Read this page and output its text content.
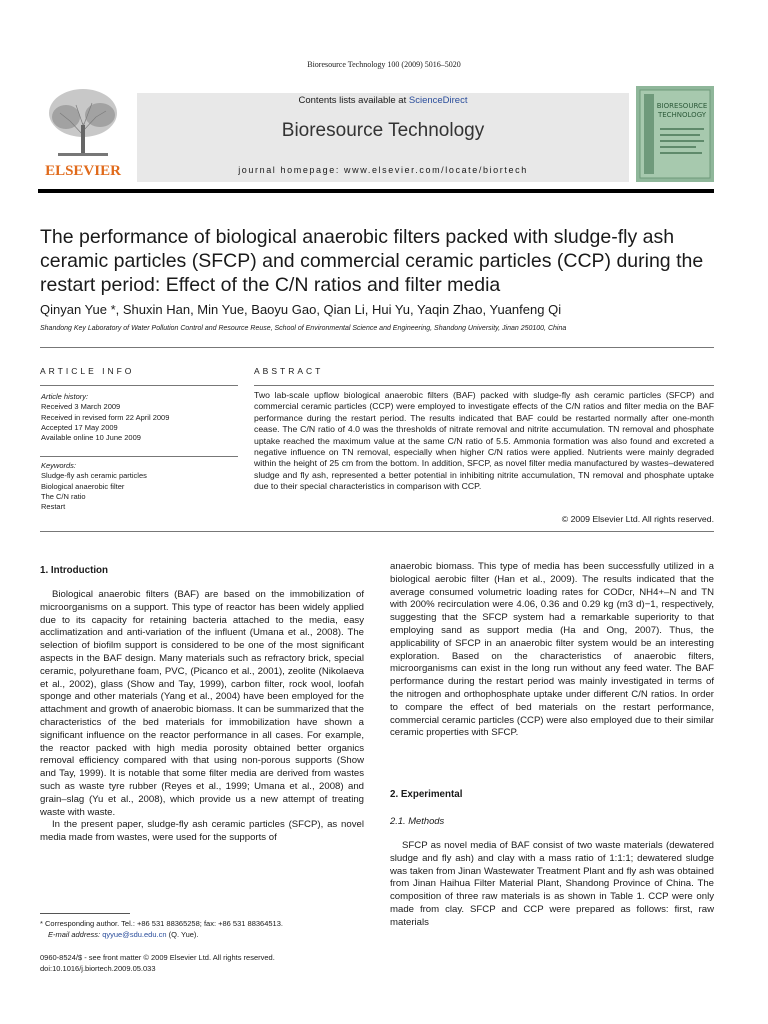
Bioresource Technology 100 (2009) 5016–5020
ELSEVIER
Contents lists available at ScienceDirect
Bioresource Technology
journal homepage: www.elsevier.com/locate/biortech
BIORESOURCE
TECHNOLOGY
The performance of biological anaerobic filters packed with sludge-fly ash ceramic particles (SFCP) and commercial ceramic particles (CCP) during the restart period: Effect of the C/N ratios and filter media
Qinyan Yue *, Shuxin Han, Min Yue, Baoyu Gao, Qian Li, Hui Yu, Yaqin Zhao, Yuanfeng Qi
Shandong Key Laboratory of Water Pollution Control and Resource Reuse, School of Environmental Science and Engineering, Shandong University, Jinan 250100, China
ARTICLE INFO	ABSTRACT
Article history:
Received 3 March 2009
Received in revised form 22 April 2009
Accepted 17 May 2009
Available online 10 June 2009
Keywords:
Sludge-fly ash ceramic particles
Biological anaerobic filter
The C/N ratio
Restart
Two lab-scale upflow biological anaerobic filters (BAF) packed with sludge-fly ash ceramic particles (SFCP) and commercial ceramic particles (CCP) were employed to investigate effects of the C/N ratios and filter media on the BAF performance during the restart period. The results indicated that BAF could be restarted normally after one-month cease. The C/N ratio of 4.0 was the thresholds of nitrate removal and nitrite accumulation. TN removal and phosphate uptake reached the maximum value at the same C/N ratio of 5.5. Ammonia formation was also found and excreted a negative influence on TN removal, especially when higher C/N ratios were applied. Nutrients were mainly degraded within the height of 25 cm from the bottom. In addition, SFCP, as novel filter media manufactured by wastes–dewatered sludge and fly ash, represented a better potential in inhibiting nitrite accumulation, TN removal and phosphate uptake due to their special characteristics in comparison with CCP.
© 2009 Elsevier Ltd. All rights reserved.
1. Introduction

Biological anaerobic filters (BAF) are based on the immobilization of microorganisms on a support. This type of reactor has been widely applied due to its capacity for retaining bacteria attached to the media, easy acclimatization and anti-variation of the influent (Umana et al., 2008). The selection of biofilm support is considered to be one of the most significant aspects in the BAF design. Many materials such as refractory brick, special ceramic, polyurethane foam, PVC, (Picanco et al., 2001), zeolite (Nikolaeva et al., 2002), glass (Show and Tay, 1999), carbon filter, rock wool, loofah sponge and other materials (Yang et al., 2004) have been employed for the attachment and growth of anaerobic biomass. It can be summarized that the characteristics of the bed materials for immobilization have shown a significant influence on the reactor performance in all cases. For example, the reactor packed with high media porosity obtained better organics removal efficiency compared with that using non-porous supports (Show and Tay, 1999). It is notable that some filter media are derived from wastes such as waste tyre rubber (Reyes et al., 1999; Umana et al., 2008) and grain–slag (Yu et al., 2008), which provide us a new attempt of treating waste with waste.

In the present paper, sludge-fly ash ceramic particles (SFCP), as novel media made from wastes, were used for the supports of

anaerobic biomass. This type of media has been successfully utilized in a biological aerobic filter (Han et al., 2009). The results indicated that the average consumed volumetric loading rates for CODcr, NH4+–N and TN with 200% recirculation were 4.06, 0.36 and 0.29 kg (m3 d)−1, respectively, suggesting that the SFCP system had a remarkable superiority to that employing sand as support media (Ha and Ong, 2007). Thus, the applicability of SFCP in an anaerobic filter system would be an interesting exploration. Based on the characteristics of anaerobic filters, microorganisms can exist in the long run without any feed water. The BAF performance during the restart period was mainly investigated in terms of the nitrogen and orthophosphate uptake under different C/N ratios. In order to compare the effect of bed materials on the restart performance, commercial ceramic particles (CCP) were also employed due to their similar ceramic properties with SFCP.

2. Experimental
2.1. Methods

SFCP as novel media of BAF consist of two waste materials (dewatered sludge and fly ash) and clay with a mass ratio of 1:1:1; dewatered sludge was taken from Jinan Wastewater Treatment Plant and fly ash was obtained from Jinan Haihua Filter Material Plant, Shandong Province of China. The composition of three raw materials is as shown in Table 1. CCP were only made from clay. SFCP and CCP were prepared as follows: first, raw materials

* Corresponding author. Tel.: +86 531 88365258; fax: +86 531 88364513.
E-mail address: qyyue@sdu.edu.cn (Q. Yue).
0960-8524/$ - see front matter © 2009 Elsevier Ltd. All rights reserved.
doi:10.1016/j.biortech.2009.05.033
